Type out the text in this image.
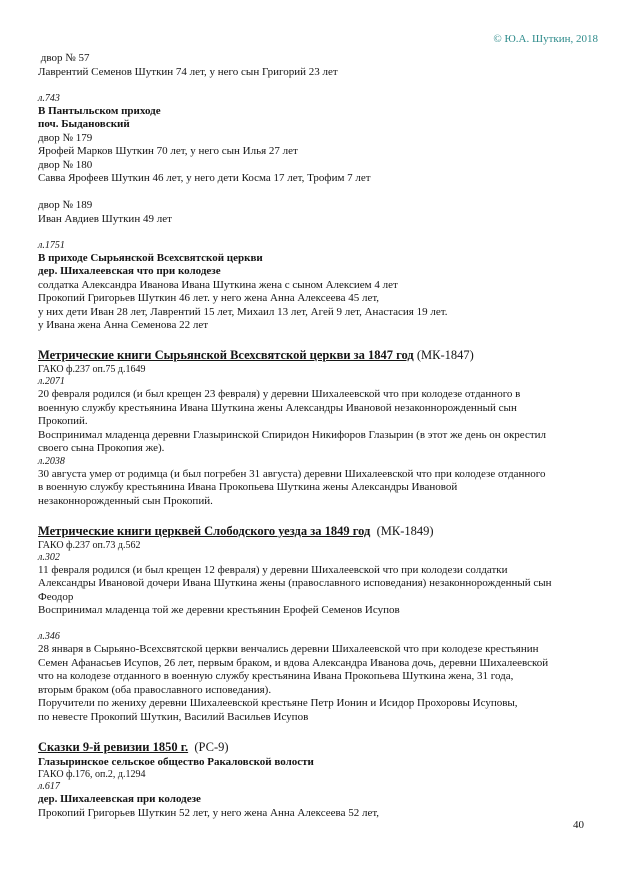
© Ю.А. Шуткин, 2018
двор № 57
Лаврентий Семенов Шуткин 74 лет, у него сын Григорий 23 лет
л.743
В Пантыльском приходе
поч. Быдановский
двор № 179
Ярофей Марков Шуткин 70 лет, у него сын Илья 27 лет
двор № 180
Савва Ярофеев Шуткин 46 лет, у него дети Косма 17 лет, Трофим 7 лет
двор № 189
Иван Авдиев Шуткин 49 лет
л.1751
В приходе Сырьянской Всехсвятской церкви
дер. Шихалеевская что при колодезе
солдатка Александра Иванова Ивана Шуткина жена с сыном Алексием 4 лет
Прокопий Григорьев Шуткин 46 лет. у него жена Анна Алексеева 45 лет,
у них дети Иван 28 лет, Лаврентий 15 лет, Михаил 13 лет, Агей 9 лет, Анастасия 19 лет.
у Ивана жена Анна Семенова 22 лет
Метрические книги Сырьянской Всехсвятской церкви за 1847 год (МК-1847)
ГАКО ф.237 оп.75 д.1649
л.2071
20 февраля родился (и был крещен 23 февраля) у деревни Шихалеевской что при колодезе отданного в
военную службу крестьянина Ивана Шуткина жены Александры Ивановой незаконнорожденный сын
Прокопий.
Воспринимал младенца деревни Глазыринской Спиридон Никифоров Глазырин (в этот же день он окрестил
своего сына Прокопия же).
л.2038
30 августа умер от родимца (и был погребен 31 августа) деревни Шихалеевской что при колодезе отданного
в военную службу крестьянина Ивана Прокопьева Шуткина жены Александры Ивановой
незаконнорожденный сын Прокопий.
Метрические книги церквей Слободского уезда за 1849 год  (МК-1849)
ГАКО ф.237 оп.73 д.562
л.302
11 февраля родился (и был крещен 12 февраля) у деревни Шихалеевской что при колодези солдатки
Александры Ивановой дочери Ивана Шуткина жены (православного исповедания) незаконнорожденный сын
Феодор
Воспринимал младенца той же деревни крестьянин Ерофей Семенов Исупов
л.346
28 января в Сырьяно-Всехсвятской церкви венчались деревни Шихалеевской что при колодезе крестьянин
Семен Афанасьев Исупов, 26 лет, первым браком, и вдова Александра Иванова дочь, деревни Шихалеевской
что на колодезе отданного в военную службу крестьянина Ивана Прокопьева Шуткина жена, 31 года,
вторым браком (оба православного исповедания).
Поручители по жениху деревни Шихалеевской крестьяне Петр Ионин и Исидор Прохоровы Исуповы,
по невесте Прокопий Шуткин, Василий Васильев Исупов
Сказки 9-й ревизии 1850 г.  (РС-9)
Глазыринское сельское общество Ракаловской волости
ГАКО ф.176, оп.2, д.1294
л.617
дер. Шихалеевская при колодезе
Прокопий Григорьев Шуткин 52 лет, у него жена Анна Алексеева 52 лет,
40
